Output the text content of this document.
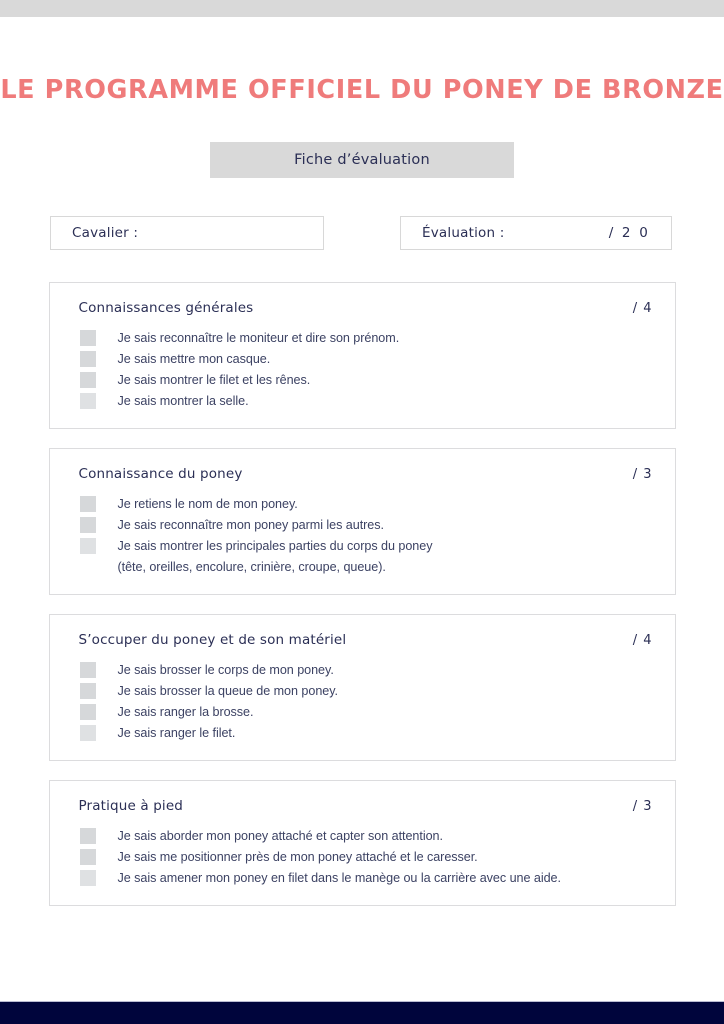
LE PROGRAMME OFFICIEL DU PONEY DE BRONZE
Fiche d’évaluation
Cavalier :	Évaluation :	/ 2 0
Connaissances générales	/ 4
Je sais reconnaître le moniteur et dire son prénom.
Je sais mettre mon casque.
Je sais montrer le filet et les rênes.
Je sais montrer la selle.
Connaissance du poney	/ 3
Je retiens le nom de mon poney.
Je sais reconnaître mon poney parmi les autres.
Je sais montrer les principales parties du corps du poney
(tête, oreilles, encolure, crinière, croupe, queue).
S’occuper du poney et de son matériel	/ 4
Je sais brosser le corps de mon poney.
Je sais brosser la queue de mon poney.
Je sais ranger la brosse.
Je sais ranger le filet.
Pratique à pied	/ 3
Je sais aborder mon poney attaché et capter son attention.
Je sais me positionner près de mon poney attaché et le caresser.
Je sais amener mon poney en filet dans le manège ou la carrière avec une aide.
